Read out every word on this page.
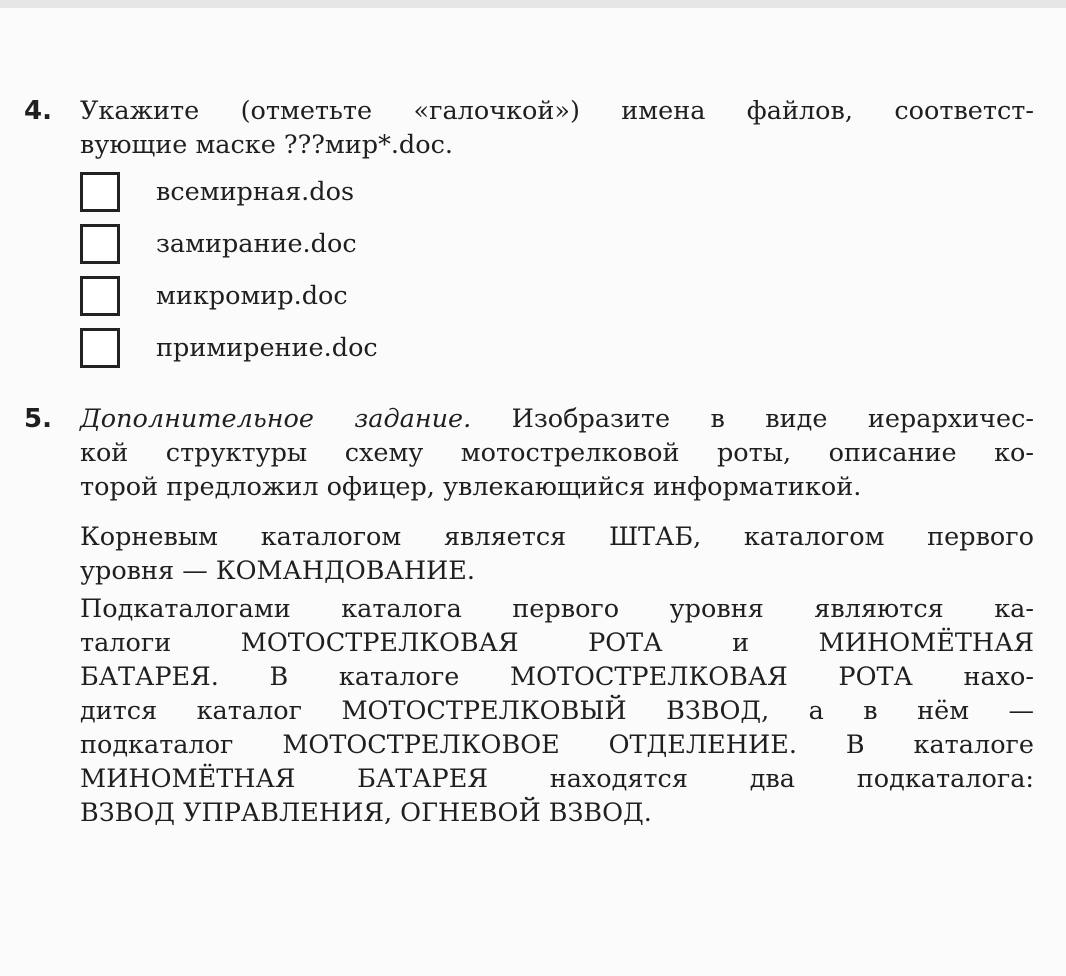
4. Укажите (отметьте «галочкой») имена файлов, соответст-
вующие маске ???мир*.doc.
всемирная.dos
замирание.doc
микромир.doc
примирение.doc
5. Дополнительное задание. Изобразите в виде иерархичес-
кой структуры схему мотострелковой роты, описание ко-
торой предложил офицер, увлекающийся информатикой.
Корневым каталогом является ШТАБ, каталогом первого
уровня — КОМАНДОВАНИЕ.
Подкаталогами каталога первого уровня являются ка-
талоги МОТОСТРЕЛКОВАЯ РОТА и МИНОМЁТНАЯ
БАТАРЕЯ. В каталоге МОТОСТРЕЛКОВАЯ РОТА нахо-
дится каталог МОТОСТРЕЛКОВЫЙ ВЗВОД, а в нём —
подкаталог МОТОСТРЕЛКОВОЕ ОТДЕЛЕНИЕ. В каталоге
МИНОМЁТНАЯ БАТАРЕЯ находятся два подкаталога:
ВЗВОД УПРАВЛЕНИЯ, ОГНЕВОЙ ВЗВОД.
